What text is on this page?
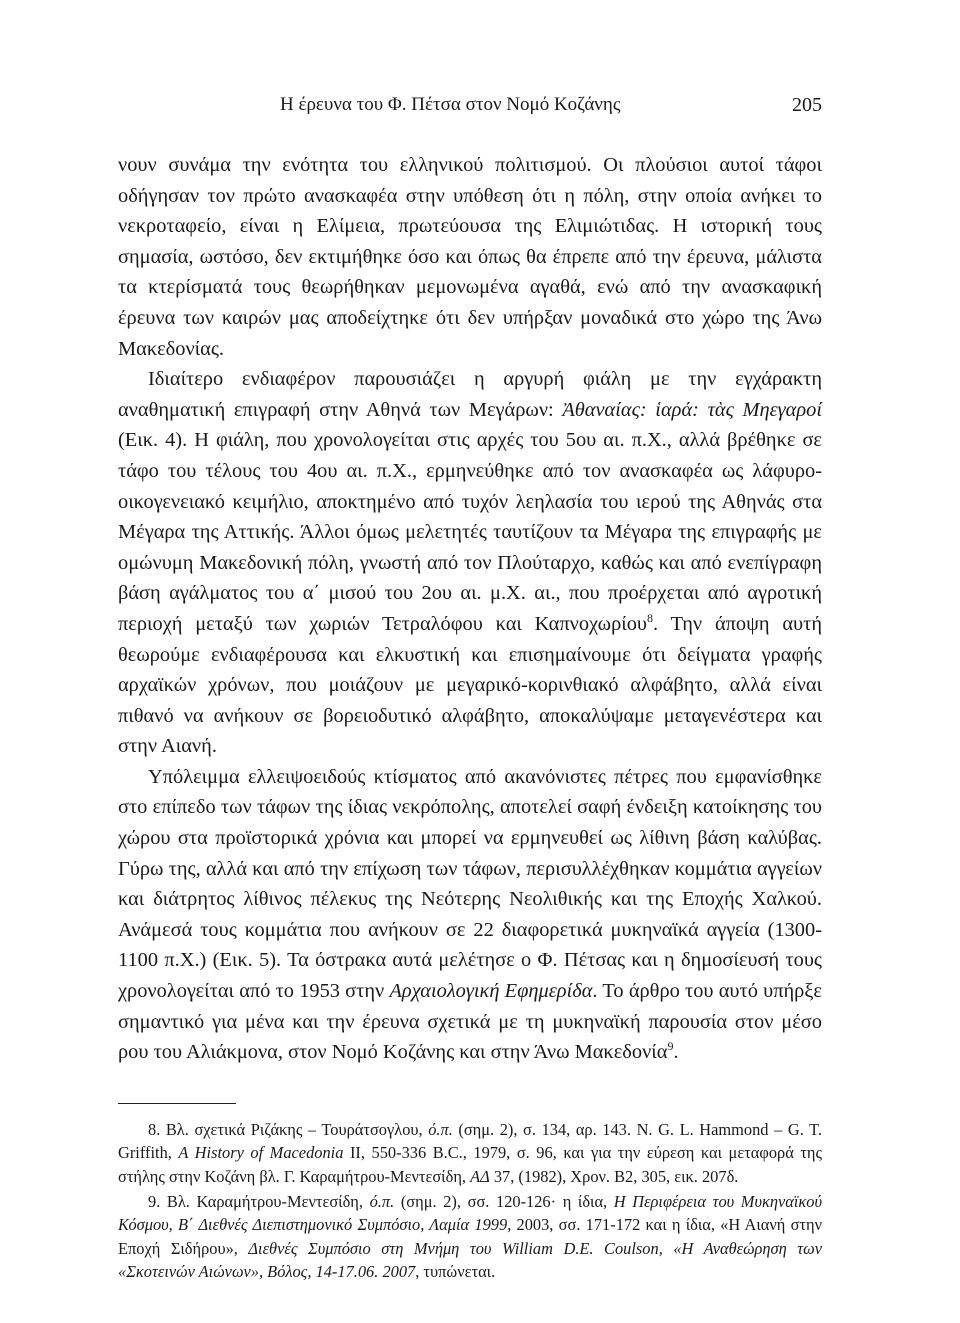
Η έρευνα του Φ. Πέτσα στον Νομό Κοζάνης	205

νουν συνάμα την ενότητα του ελληνικού πολιτισμού. Οι πλούσιοι αυτοί τάφοι οδήγησαν τον πρώτο ανασκαφέα στην υπόθεση ότι η πόλη, στην οποία ανήκει το νεκροταφείο, είναι η Ελίμεια, πρωτεύουσα της Ελιμιώτιδας. Η ιστορική τους σημασία, ωστόσο, δεν εκτιμήθηκε όσο και όπως θα έπρεπε από την έρευνα, μάλιστα τα κτερίσματά τους θεωρήθηκαν μεμονωμένα αγαθά, ενώ από την ανασκαφική έρευνα των καιρών μας αποδείχτηκε ότι δεν υπήρξαν μοναδικά στο χώρο της Άνω Μακεδονίας.

Ιδιαίτερο ενδιαφέρον παρουσιάζει η αργυρή φιάλη με την εγχάρακτη αναθηματική επιγραφή στην Αθηνά των Μεγάρων: Ἀθαναίας: ἱαρά: τὰς Μηεγαροί (Εικ. 4). Η φιάλη, που χρονολογείται στις αρχές του 5ου αι. π.Χ., αλλά βρέθηκε σε τάφο του τέλους του 4ου αι. π.Χ., ερμηνεύθηκε από τον ανασκαφέα ως λάφυρο- οικογενειακό κειμήλιο, αποκτημένο από τυχόν λεηλασία του ιερού της Αθηνάς στα Μέγαρα της Αττικής. Άλλοι όμως μελετητές ταυτίζουν τα Μέγαρα της επιγραφής με ομώνυμη Μακεδονική πόλη, γνωστή από τον Πλούταρχο, καθώς και από ενεπίγραφη βάση αγάλματος του α΄ μισού του 2ου αι. μ.Χ. αι., που προέρχεται από αγροτική περιοχή μεταξύ των χωριών Τετραλόφου και Καπνοχωρίου$^8$. Την άποψη αυτή θεωρούμε ενδιαφέρουσα και ελκυστική και επισημαίνουμε ότι δείγματα γραφής αρχαϊκών χρόνων, που μοιάζουν με μεγαρικό-κορινθιακό αλφάβητο, αλλά είναι πιθανό να ανήκουν σε βορειοδυτικό αλφάβητο, αποκαλύψαμε μεταγενέστερα και στην Αιανή.

Υπόλειμμα ελλειψοειδούς κτίσματος από ακανόνιστες πέτρες που εμφανίσθηκε στο επίπεδο των τάφων της ίδιας νεκρόπολης, αποτελεί σαφή ένδειξη κατοίκησης του χώρου στα προϊστορικά χρόνια και μπορεί να ερμηνευθεί ως λίθινη βάση καλύβας. Γύρω της, αλλά και από την επίχωση των τάφων, περισυλλέχθηκαν κομμάτια αγγείων και διάτρητος λίθινος πέλεκυς της Νεότερης Νεολιθικής και της Εποχής Χαλκού. Ανάμεσά τους κομμάτια που ανήκουν σε 22 διαφορετικά μυκηναϊκά αγγεία (1300-1100 π.Χ.) (Εικ. 5). Τα όστρακα αυτά μελέτησε ο Φ. Πέτσας και η δημοσίευσή τους χρονολογείται από το 1953 στην Αρχαιολογική Εφημερίδα. Το άρθρο του αυτό υπήρξε σημαντικό για μένα και την έρευνα σχετικά με τη μυκηναϊκή παρουσία στον μέσο ρου του Αλιάκμονα, στον Νομό Κοζάνης και στην Άνω Μακεδονία$^9$.

8. Βλ. σχετικά Ριζάκης – Τουράτσογλου, ό.π. (σημ. 2), σ. 134, αρ. 143. N. G. L. Hammond – G. T. Griffith, A History of Macedonia II, 550-336 B.C., 1979, σ. 96, και για την εύρεση και μεταφορά της στήλης στην Κοζάνη βλ. Γ. Καραμήτρου-Μεντεσίδη, ΑΔ 37, (1982), Χρον. Β2, 305, εικ. 207δ.

9. Βλ. Καραμήτρου-Μεντεσίδη, ό.π. (σημ. 2), σσ. 120-126· η ίδια, Η Περιφέρεια του Μυκηναϊκού Κόσμου, Β΄ Διεθνές Διεπιστημονικό Συμπόσιο, Λαμία 1999, 2003, σσ. 171-172 και η ίδια, «Η Αιανή στην Εποχή Σιδήρου», Διεθνές Συμπόσιο στη Μνήμη του William D.E. Coulson, «Η Αναθεώρηση των «Σκοτεινών Αιώνων», Βόλος, 14-17.06. 2007, τυπώνεται.
